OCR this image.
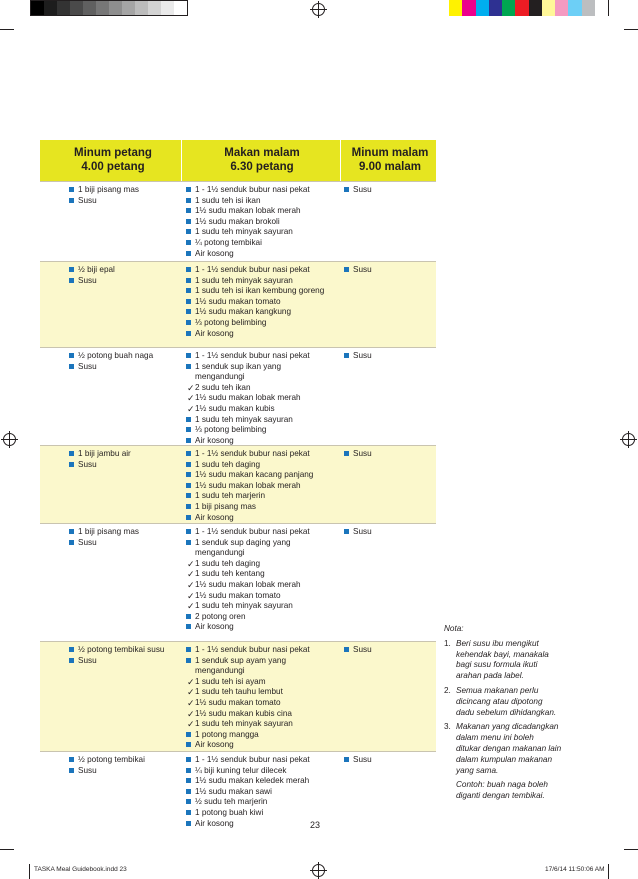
Minum petang
4.00 petang
Makan malam
6.30 petang
Minum malam
9.00 malam
1 biji pisang mas
Susu
1 - 1½ senduk bubur nasi pekat
1 sudu teh isi ikan
1½ sudu makan lobak merah
1½ sudu makan brokoli
1 sudu teh minyak sayuran
¼ potong tembikai
Air kosong
Susu
½ biji epal
Susu
1 - 1½ senduk bubur nasi pekat
1 sudu teh minyak sayuran
1 sudu teh isi ikan kembung goreng
1½ sudu makan tomato
1½ sudu makan kangkung
⅓ potong belimbing
Air kosong
Susu
½ potong buah naga
Susu
1 - 1½ senduk bubur nasi pekat
1 senduk sup ikan yang
mengandungi
✓ 2 sudu teh ikan
✓ 1½ sudu makan lobak merah
✓ 1½ sudu makan kubis
1 sudu teh minyak sayuran
⅓ potong belimbing
Air kosong
Susu
1 biji jambu air
Susu
1 - 1½ senduk bubur nasi pekat
1 sudu teh daging
1½ sudu makan kacang panjang
1½ sudu makan lobak merah
1 sudu teh marjerin
1 biji pisang mas
Air kosong
Susu
1 biji pisang mas
Susu
1 - 1½ senduk bubur nasi pekat
1 senduk sup daging yang
mengandungi
✓ 1 sudu teh daging
✓ 1 sudu teh kentang
✓ 1½ sudu makan lobak merah
✓ 1½ sudu makan tomato
✓ 1 sudu teh minyak sayuran
2 potong oren
Air kosong
Susu
½ potong tembikai susu
Susu
1 - 1½ senduk bubur nasi pekat
1 senduk sup ayam yang
mengandungi
✓ 1 sudu teh isi ayam
✓ 1 sudu teh tauhu lembut
✓ 1½ sudu makan tomato
✓ 1½ sudu makan kubis cina
✓ 1 sudu teh minyak sayuran
1 potong mangga
Air kosong
Susu
½ potong tembikai
Susu
1 - 1½ senduk bubur nasi pekat
¼ biji kuning telur dilecek
1½ sudu makan keledek merah
1½ sudu makan sawi
½ sudu teh marjerin
1 potong buah kiwi
Air kosong
Susu
Nota:
1. Beri susu ibu mengikut
kehendak bayi, manakala
bagi susu formula ikuti
arahan pada label.
2. Semua makanan perlu
dicincang atau dipotong
dadu sebelum dihidangkan.
3. Makanan yang dicadangkan
dalam menu ini boleh
ditukar dengan makanan lain
dalam kumpulan makanan
yang sama.
Contoh: buah naga boleh
diganti dengan tembikai.
23
TASKA Meal Guidebook.indd 23	17/6/14 11:50:06 AM
